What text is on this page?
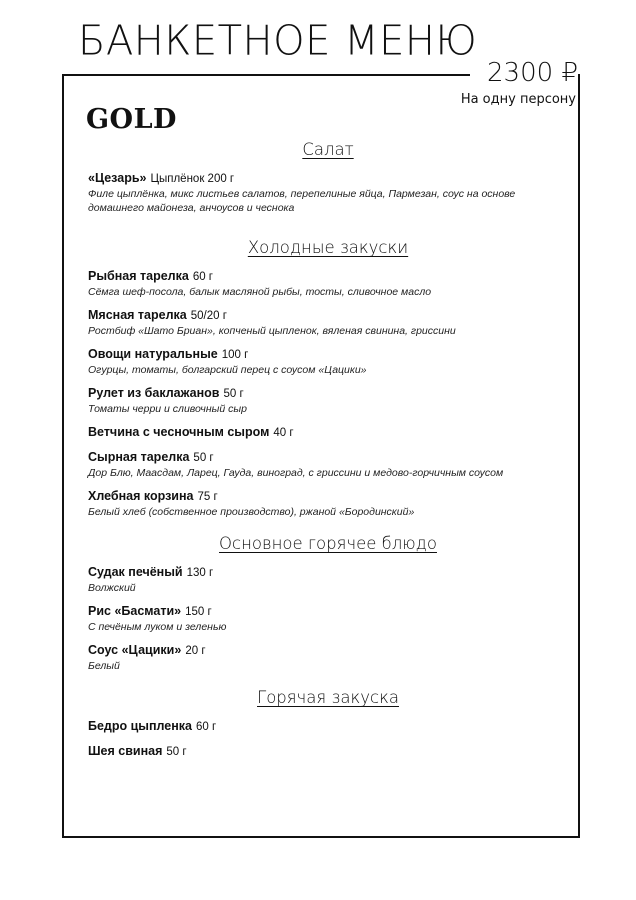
БАНКЕТНОЕ МЕНЮ
2300 ₽
На одну персону
GOLD
Салат
«Цезарь» Цыплёнок 200 г
Филе цыплёнка, микс листьев салатов, перепелиные яйца, Пармезан, соус на основе домашнего майонеза, анчоусов и чеснока
Холодные закуски
Рыбная тарелка 60 г
Сёмга шеф-посола, балык масляной рыбы, тосты, сливочное масло
Мясная тарелка 50/20 г
Ростбиф «Шато Бриан», копченый цыпленок, вяленая свинина, гриссини
Овощи натуральные 100 г
Огурцы, томаты, болгарский перец с соусом «Цацики»
Рулет из баклажанов 50 г
Томаты черри и сливочный сыр
Ветчина с чесночным сыром 40 г
Сырная тарелка 50 г
Дор Блю, Маасдам, Ларец, Гауда, виноград, с гриссини и медово-горчичным соусом
Хлебная корзина 75 г
Белый хлеб (собственное производство), ржаной «Бородинский»
Основное горячее блюдо
Судак печёный 130 г
Волжский
Рис «Басмати» 150 г
С печёным луком и зеленью
Соус «Цацики» 20 г
Белый
Горячая закуска
Бедро цыпленка 60 г
Шея свиная 50 г
